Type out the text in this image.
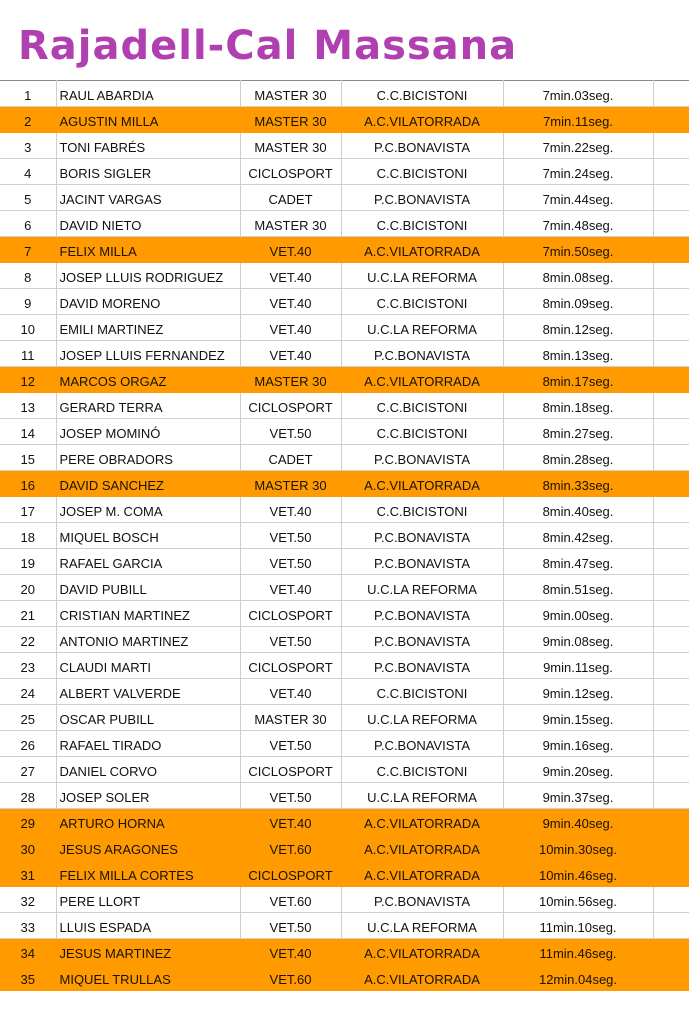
Rajadell-Cal Massana
1	RAUL ABARDIA	MASTER 30	C.C.BICISTONI	7min.03seg.	
2	AGUSTIN MILLA	MASTER 30	A.C.VILATORRADA	7min.11seg.	
3	TONI FABRÉS	MASTER 30	P.C.BONAVISTA	7min.22seg.	
4	BORIS SIGLER	CICLOSPORT	C.C.BICISTONI	7min.24seg.	
5	JACINT VARGAS	CADET	P.C.BONAVISTA	7min.44seg.	
6	DAVID NIETO	MASTER 30	C.C.BICISTONI	7min.48seg.	
7	FELIX MILLA	VET.40	A.C.VILATORRADA	7min.50seg.	
8	JOSEP LLUIS RODRIGUEZ	VET.40	U.C.LA REFORMA	8min.08seg.	
9	DAVID MORENO	VET.40	C.C.BICISTONI	8min.09seg.	
10	EMILI MARTINEZ	VET.40	U.C.LA REFORMA	8min.12seg.	
11	JOSEP LLUIS FERNANDEZ	VET.40	P.C.BONAVISTA	8min.13seg.	
12	MARCOS ORGAZ	MASTER 30	A.C.VILATORRADA	8min.17seg.	
13	GERARD TERRA	CICLOSPORT	C.C.BICISTONI	8min.18seg.	
14	JOSEP MOMINÓ	VET.50	C.C.BICISTONI	8min.27seg.	
15	PERE OBRADORS	CADET	P.C.BONAVISTA	8min.28seg.	
16	DAVID SANCHEZ	MASTER 30	A.C.VILATORRADA	8min.33seg.	
17	JOSEP M. COMA	VET.40	C.C.BICISTONI	8min.40seg.	
18	MIQUEL BOSCH	VET.50	P.C.BONAVISTA	8min.42seg.	
19	RAFAEL GARCIA	VET.50	P.C.BONAVISTA	8min.47seg.	
20	DAVID PUBILL	VET.40	U.C.LA REFORMA	8min.51seg.	
21	CRISTIAN MARTINEZ	CICLOSPORT	P.C.BONAVISTA	9min.00seg.	
22	ANTONIO MARTINEZ	VET.50	P.C.BONAVISTA	9min.08seg.	
23	CLAUDI MARTI	CICLOSPORT	P.C.BONAVISTA	9min.11seg.	
24	ALBERT VALVERDE	VET.40	C.C.BICISTONI	9min.12seg.	
25	OSCAR PUBILL	MASTER 30	U.C.LA REFORMA	9min.15seg.	
26	RAFAEL TIRADO	VET.50	P.C.BONAVISTA	9min.16seg.	
27	DANIEL CORVO	CICLOSPORT	C.C.BICISTONI	9min.20seg.	
28	JOSEP SOLER	VET.50	U.C.LA REFORMA	9min.37seg.	
29	ARTURO HORNA	VET.40	A.C.VILATORRADA	9min.40seg.	
30	JESUS ARAGONES	VET.60	A.C.VILATORRADA	10min.30seg.	
31	FELIX MILLA CORTES	CICLOSPORT	A.C.VILATORRADA	10min.46seg.	
32	PERE LLORT	VET.60	P.C.BONAVISTA	10min.56seg.	
33	LLUIS ESPADA	VET.50	U.C.LA REFORMA	11min.10seg.	
34	JESUS MARTINEZ	VET.40	A.C.VILATORRADA	11min.46seg.	
35	MIQUEL TRULLAS	VET.60	A.C.VILATORRADA	12min.04seg.	
